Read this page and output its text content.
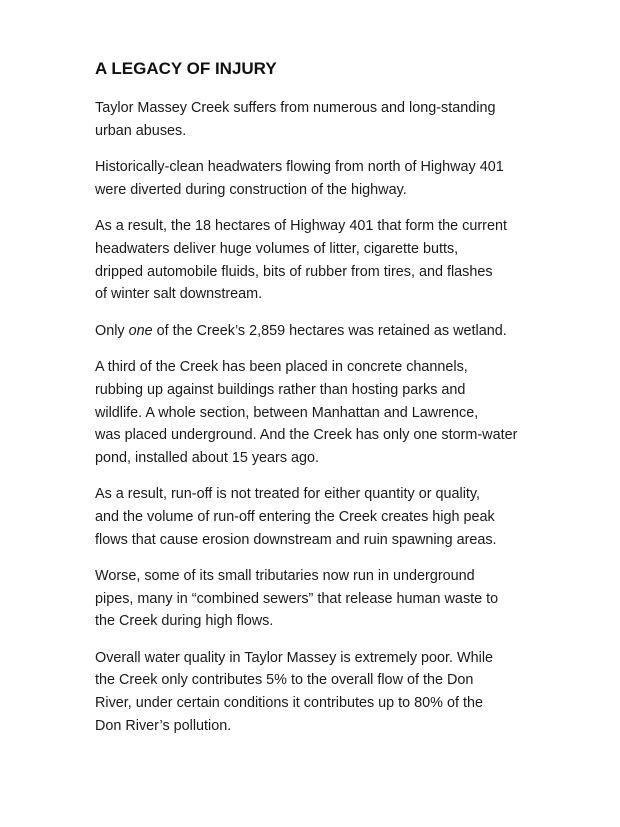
A LEGACY OF INJURY

Taylor Massey Creek suffers from numerous and long-standing
urban abuses.

Historically-clean headwaters flowing from north of Highway 401
were diverted during construction of the highway.

As a result, the 18 hectares of Highway 401 that form the current
headwaters deliver huge volumes of litter, cigarette butts,
dripped automobile fluids, bits of rubber from tires, and flashes
of winter salt downstream.

Only one of the Creek’s 2,859 hectares was retained as wetland.

A third of the Creek has been placed in concrete channels,
rubbing up against buildings rather than hosting parks and
wildlife. A whole section, between Manhattan and Lawrence,
was placed underground. And the Creek has only one storm-water
pond, installed about 15 years ago.

As a result, run-off is not treated for either quantity or quality,
and the volume of run-off entering the Creek creates high peak
flows that cause erosion downstream and ruin spawning areas.

Worse, some of its small tributaries now run in underground
pipes, many in “combined sewers” that release human waste to
the Creek during high flows.

Overall water quality in Taylor Massey is extremely poor. While
the Creek only contributes 5% to the overall flow of the Don
River, under certain conditions it contributes up to 80% of the
Don River’s pollution.
